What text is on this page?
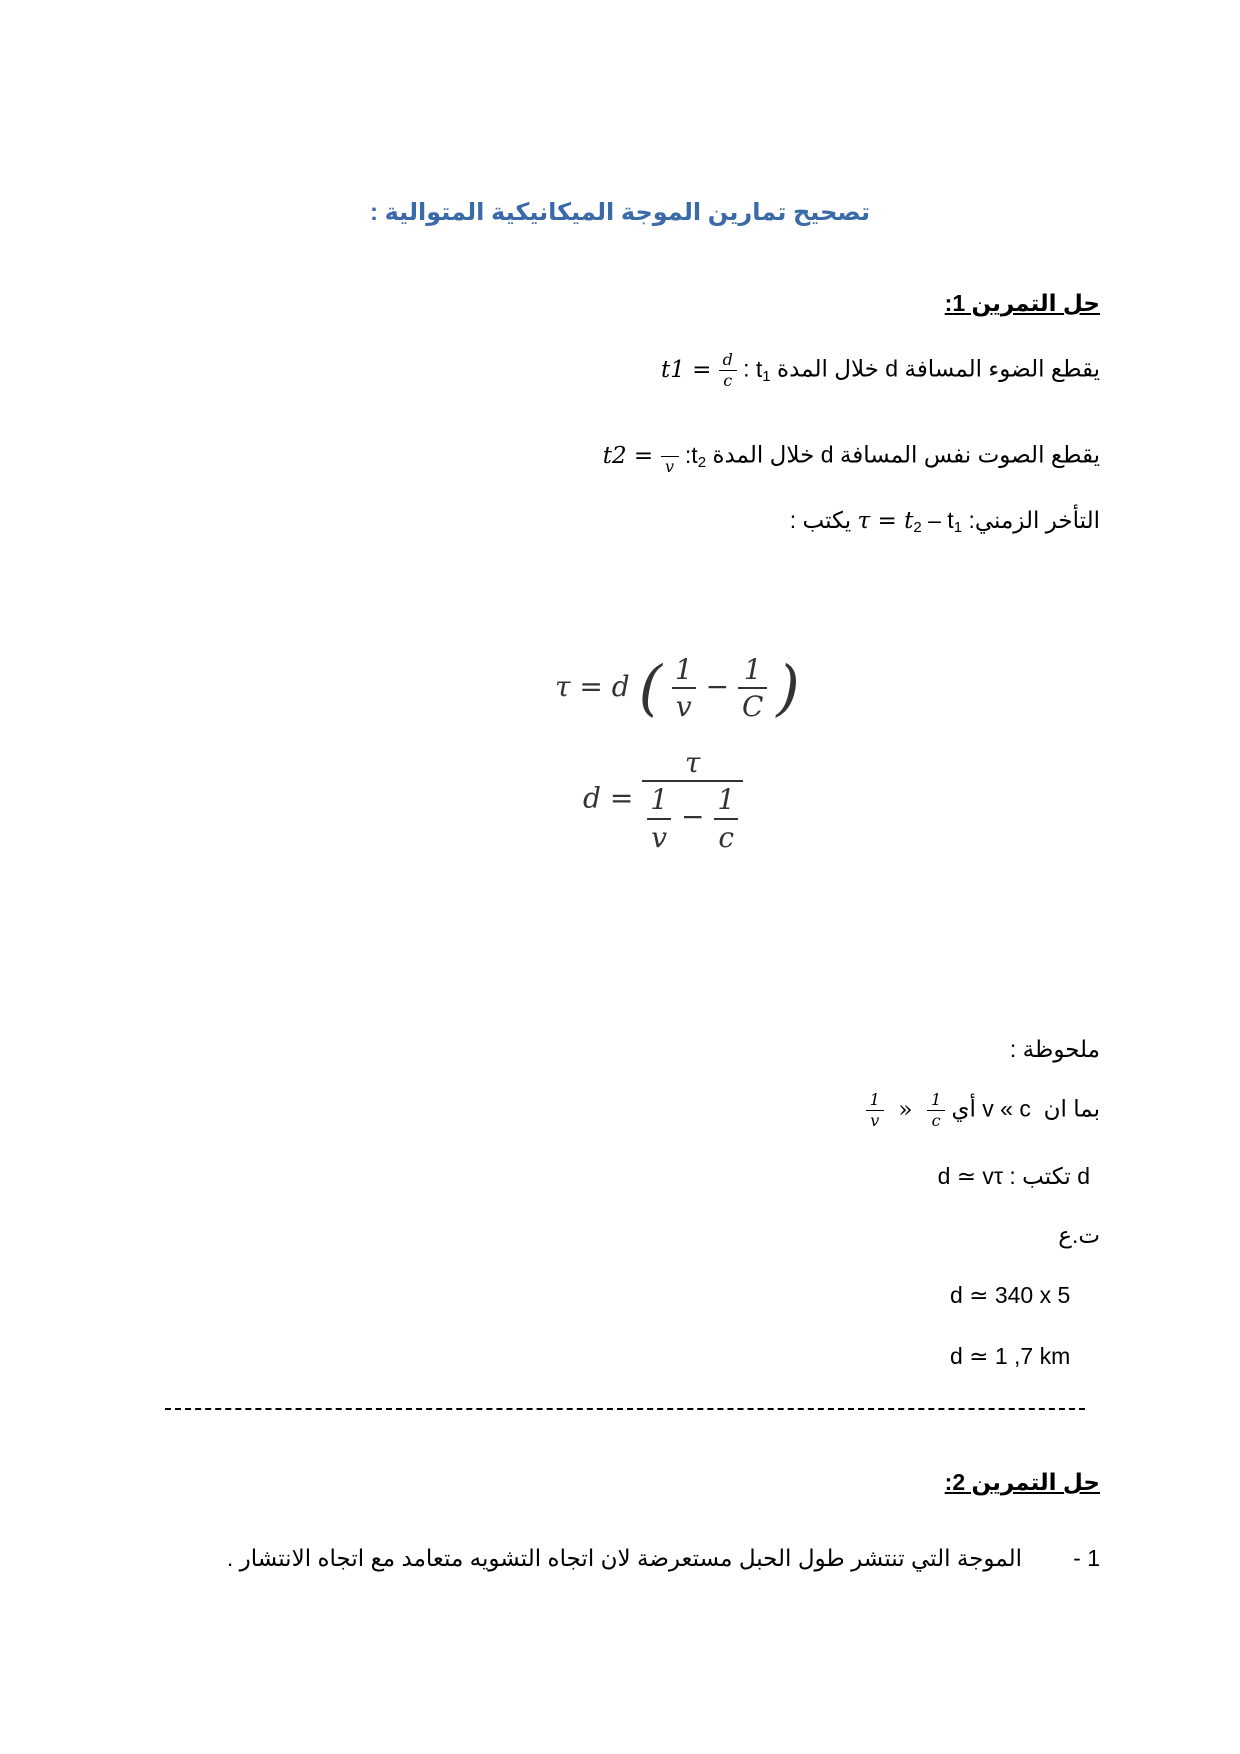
تصحيح تمارين الموجة الميكانيكية المتوالية :
حل التمرين 1:
يقطع الضوء المسافة d خلال المدة $t_1$ : $t1 = \frac{d}{c}$
يقطع الصوت نفس المسافة d خلال المدة $:t_2$ t2 =
v
التأخر الزمني: $\tau = t_2 - t_1$ يكتب :
τ = d ( $\frac{1}{v} - \frac{1}{C}$ )
$d = \frac{\tau}{\frac{1}{v} - \frac{1}{c}}$
ملحوظة :
بما ان  v « c أي
$\frac{1}{v}$ » $\frac{1}{c}$
d تكتب : d ≃ vτ
ت.ع
d ≃ 340 x 5
d ≃ 1 ,7 km
حل التمرين 2:
1 -        الموجة التي تنتشر طول الحبل مستعرضة لان اتجاه التشويه متعامد مع اتجاه الانتشار .
